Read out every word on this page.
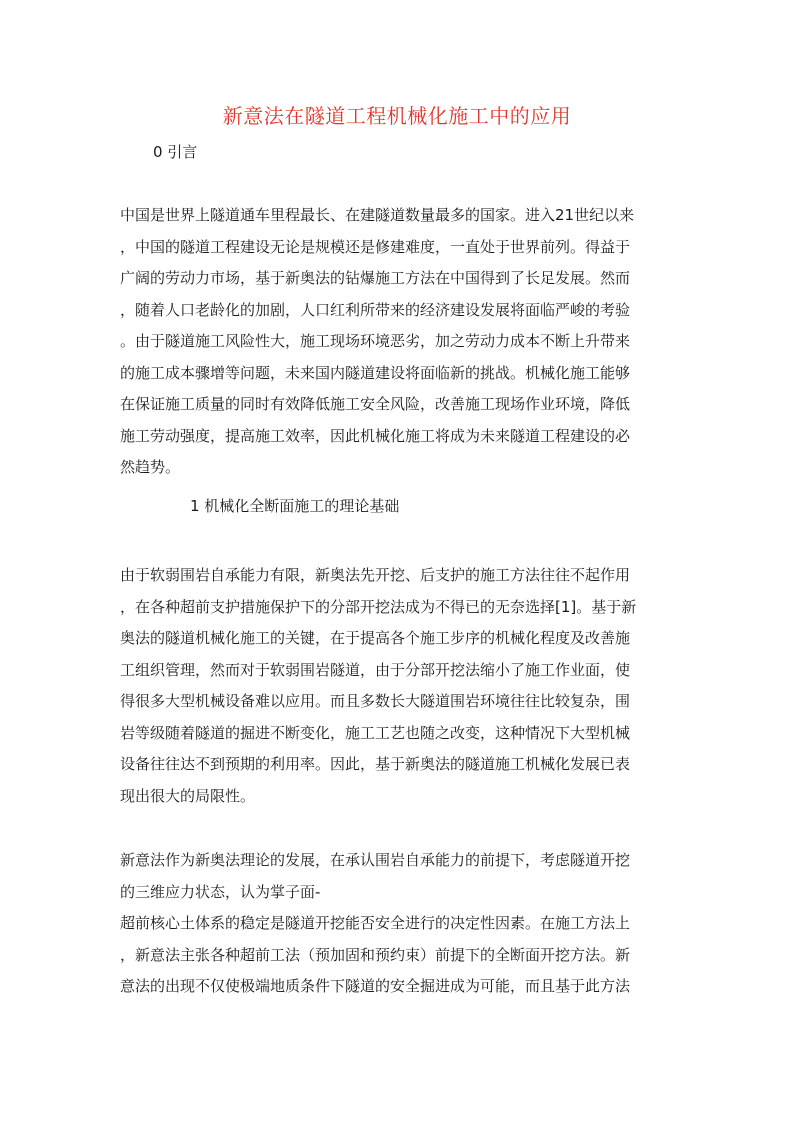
新意法在隧道工程机械化施工中的应用
0 引言
中国是世界上隧道通车里程最长、在建隧道数量最多的国家。进入21世纪以来
，中国的隧道工程建设无论是规模还是修建难度，一直处于世界前列。得益于
广阔的劳动力市场，基于新奥法的钻爆施工方法在中国得到了长足发展。然而
，随着人口老龄化的加剧，人口红利所带来的经济建设发展将面临严峻的考验
。由于隧道施工风险性大，施工现场环境恶劣，加之劳动力成本不断上升带来
的施工成本骤增等问题，未来国内隧道建设将面临新的挑战。机械化施工能够
在保证施工质量的同时有效降低施工安全风险，改善施工现场作业环境，降低
施工劳动强度，提高施工效率，因此机械化施工将成为未来隧道工程建设的必
然趋势。
1 机械化全断面施工的理论基础
由于软弱围岩自承能力有限，新奥法先开挖、后支护的施工方法往往不起作用
，在各种超前支护措施保护下的分部开挖法成为不得已的无奈选择[1]。基于新
奥法的隧道机械化施工的关键，在于提高各个施工步序的机械化程度及改善施
工组织管理，然而对于软弱围岩隧道，由于分部开挖法缩小了施工作业面，使
得很多大型机械设备难以应用。而且多数长大隧道围岩环境往往比较复杂，围
岩等级随着隧道的掘进不断变化，施工工艺也随之改变，这种情况下大型机械
设备往往达不到预期的利用率。因此，基于新奥法的隧道施工机械化发展已表
现出很大的局限性。
新意法作为新奥法理论的发展，在承认围岩自承能力的前提下，考虑隧道开挖
的三维应力状态，认为掌子面-
超前核心土体系的稳定是隧道开挖能否安全进行的决定性因素。在施工方法上
，新意法主张各种超前工法（预加固和预约束）前提下的全断面开挖方法。新
意法的出现不仅使极端地质条件下隧道的安全掘进成为可能，而且基于此方法
